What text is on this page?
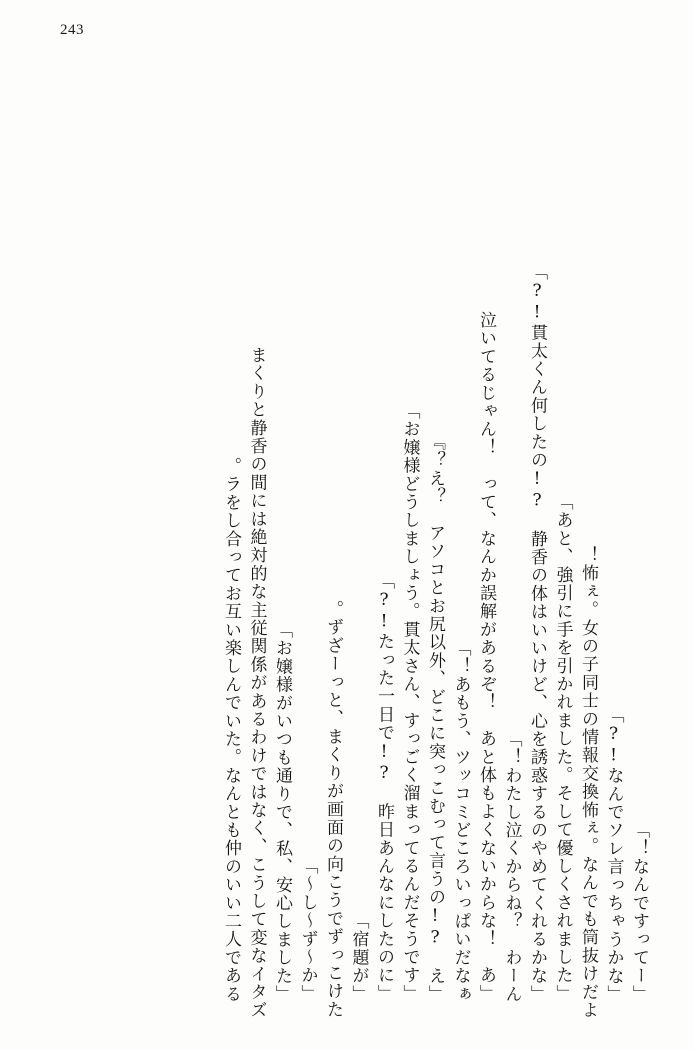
243
「なんですってー！」
「なんでソレ言っちゃうかな!?」
怖ぇ。女の子同士の情報交換怖ぇ。なんでも筒抜けだよ！
「あと、強引に手を引かれました。そして優しくされました」
「貫太くん何したの!?　静香の体はいいけど、心を誘惑するのやめてくれるかな!?」
わたし泣くからね？　わーん！」
「泣いてるじゃん！　って、なんか誤解があるぞ！　あと体もよくないからな！　あ
あもう、ツッコミどころいっぱいだなぁ！」
「え？　アソコとお尻以外、どこに突っこむって言うの!?　え？』
「お嬢様どうしましょう。貫太さん、すっごく溜まってるんだそうです」
「たった一日で!?　昨日あんなにしたのに!?」
「宿題が」
ずざーっと、まくりが画面の向こうでずっこけた。
「し～ず～か～」
「お嬢様がいつも通りで、私、安心しました」
まくりと静香の間には絶対的な主従関係があるわけではなく、こうして変なイタズ
ラをし合ってお互い楽しんでいた。なんとも仲のいい二人である。
